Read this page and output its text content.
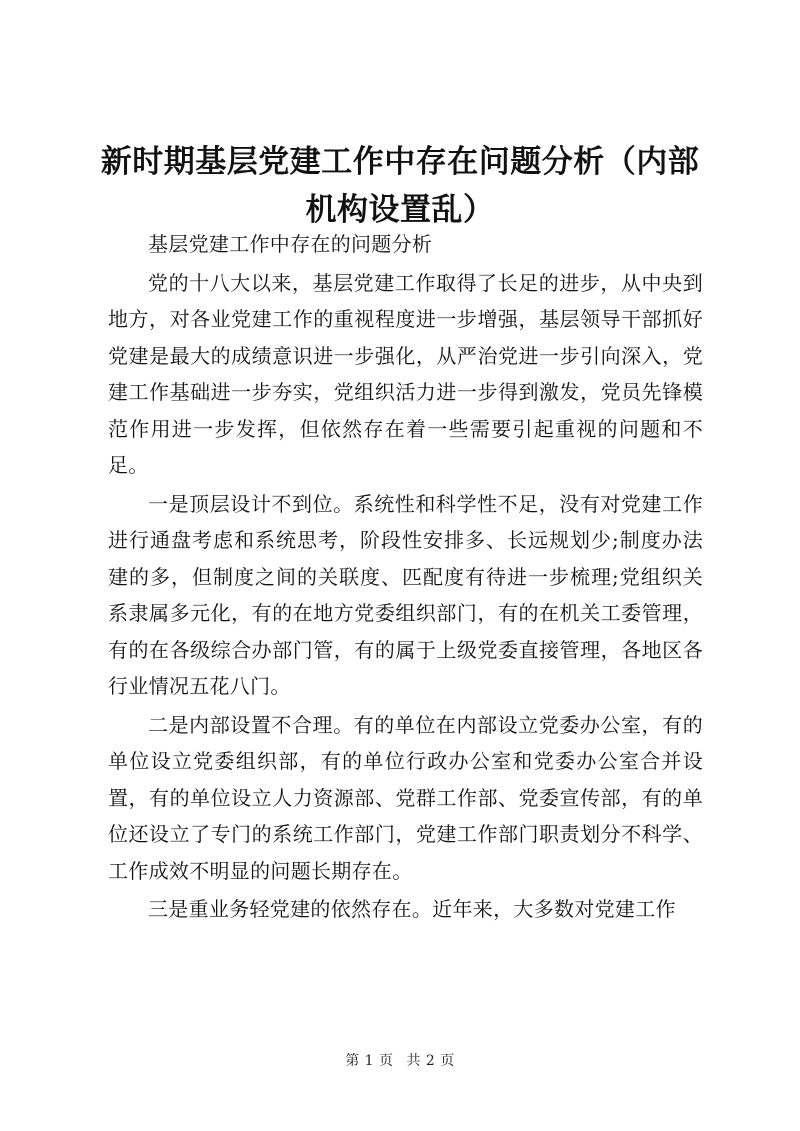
新时期基层党建工作中存在问题分析（内部机构设置乱）

基层党建工作中存在的问题分析

党的十八大以来，基层党建工作取得了长足的进步，从中央到地方，对各业党建工作的重视程度进一步增强，基层领导干部抓好党建是最大的成绩意识进一步强化，从严治党进一步引向深入，党建工作基础进一步夯实，党组织活力进一步得到激发，党员先锋模范作用进一步发挥，但依然存在着一些需要引起重视的问题和不足。

一是顶层设计不到位。系统性和科学性不足，没有对党建工作进行通盘考虑和系统思考，阶段性安排多、长远规划少;制度办法建的多，但制度之间的关联度、匹配度有待进一步梳理;党组织关系隶属多元化，有的在地方党委组织部门，有的在机关工委管理，有的在各级综合办部门管，有的属于上级党委直接管理，各地区各行业情况五花八门。

二是内部设置不合理。有的单位在内部设立党委办公室，有的单位设立党委组织部，有的单位行政办公室和党委办公室合并设置，有的单位设立人力资源部、党群工作部、党委宣传部，有的单位还设立了专门的系统工作部门，党建工作部门职责划分不科学、工作成效不明显的问题长期存在。

三是重业务轻党建的依然存在。近年来，大多数对党建工作

第 1 页 共 2 页
